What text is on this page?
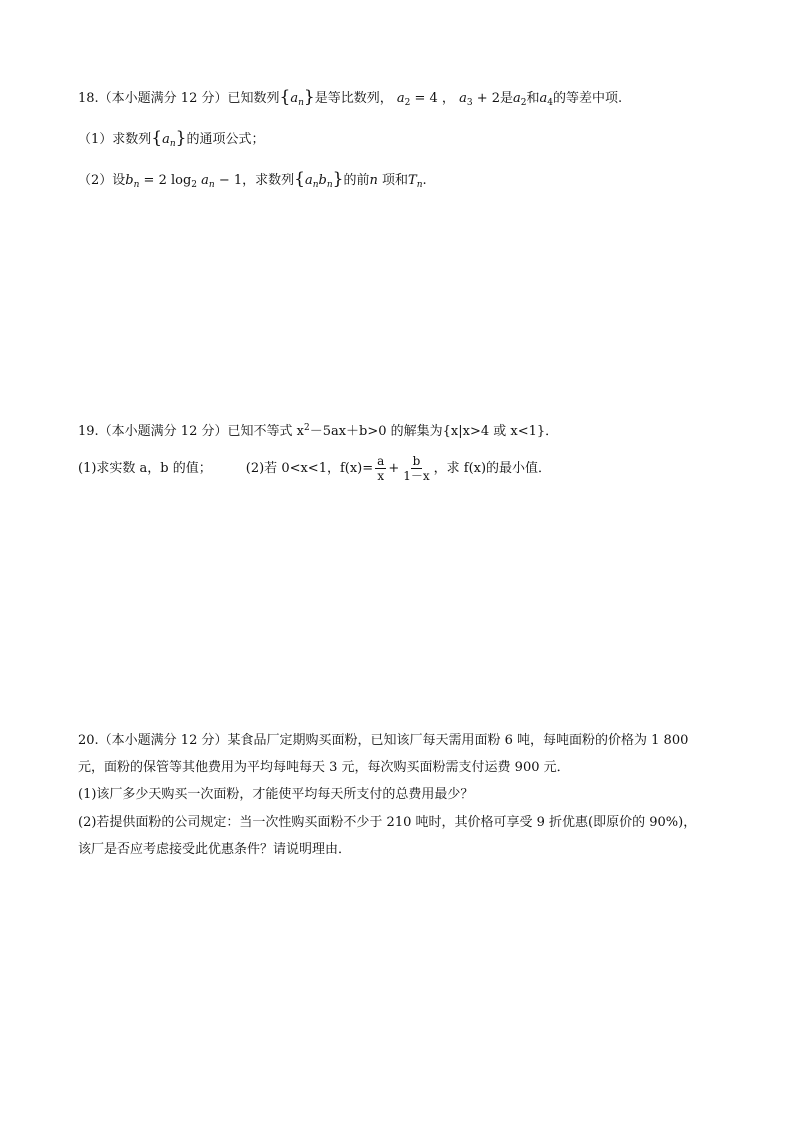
18.（本小题满分 12 分）已知数列$\{a_n\}$是等比数列， $a_2 = 4$ ， $a_3 + 2$是$a_2$和$a_4$的等差中项.
（1）求数列$\{a_n\}$的通项公式；
（2）设$b_n = 2$ $\log_2 a_n - 1$，求数列$\{a_nb_n\}$的前n 项和$T_n$.
19.（本小题满分 12 分）已知不等式 $x^2-5ax+b>0$ 的解集为{x|x>4 或 x<1}．
(1)求实数 a，b 的值；	(2)若 0<x<1，$f(x)= \frac{a}{x} + \frac{b}{1-x}$ ，求 f(x)的最小值．
20.（本小题满分 12 分）某食品厂定期购买面粉，已知该厂每天需用面粉 6 吨，每吨面粉的价格为 1 800
元，面粉的保管等其他费用为平均每吨每天 3 元，每次购买面粉需支付运费 900 元．
(1)该厂多少天购买一次面粉，才能使平均每天所支付的总费用最少？
(2)若提供面粉的公司规定：当一次性购买面粉不少于 210 吨时，其价格可享受 9 折优惠(即原价的 90%)，
该厂是否应考虑接受此优惠条件？请说明理由．
